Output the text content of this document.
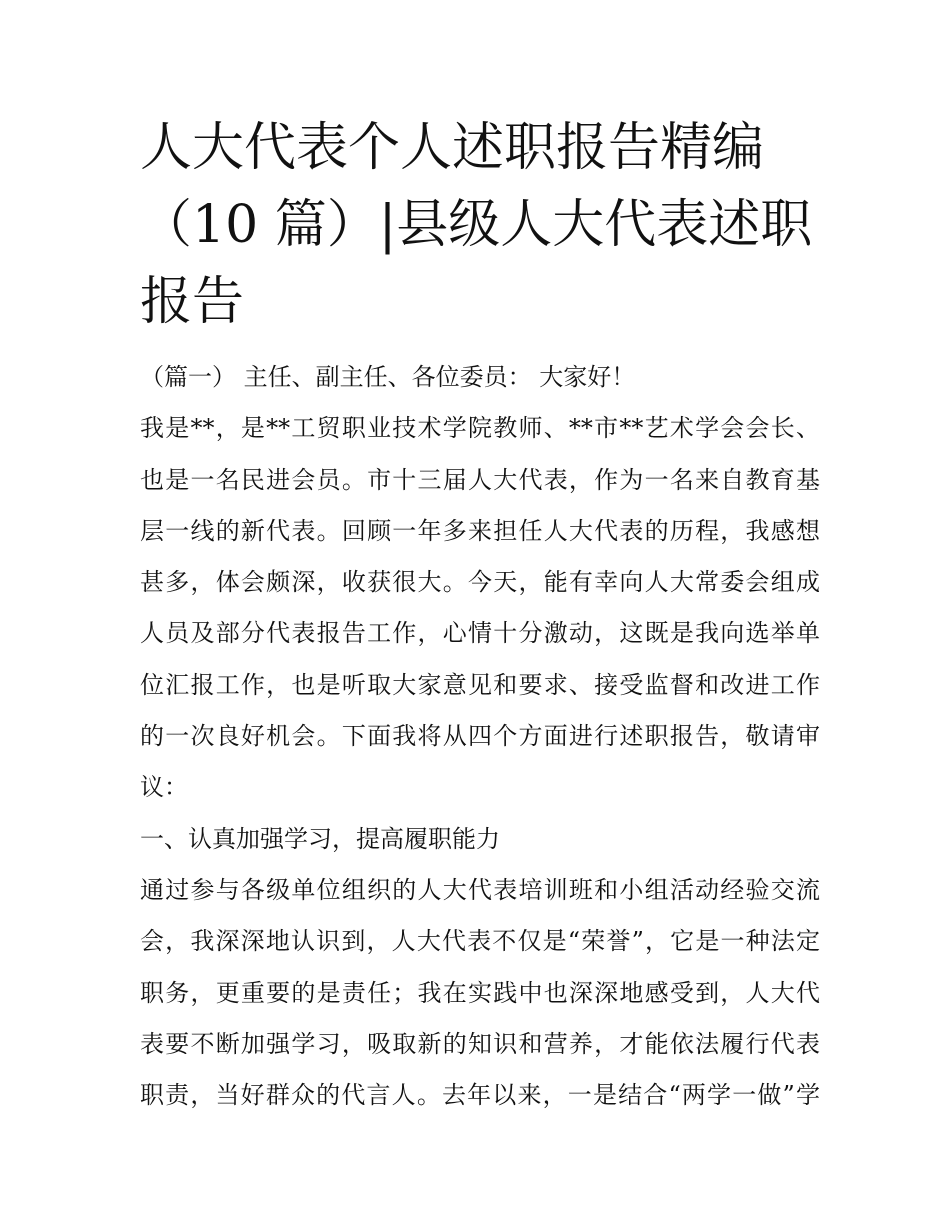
人大代表个人述职报告精编
（10 篇）|县级人大代表述职
报告
（篇一） 主任、副主任、各位委员： 大家好！
我是**，是**工贸职业技术学院教师、**市**艺术学会会长、
也是一名民进会员。市十三届人大代表，作为一名来自教育基
层一线的新代表。回顾一年多来担任人大代表的历程，我感想
甚多，体会颇深，收获很大。今天，能有幸向人大常委会组成
人员及部分代表报告工作，心情十分激动，这既是我向选举单
位汇报工作，也是听取大家意见和要求、接受监督和改进工作
的一次良好机会。下面我将从四个方面进行述职报告，敬请审
议：
一、认真加强学习，提高履职能力
通过参与各级单位组织的人大代表培训班和小组活动经验交流
会，我深深地认识到，人大代表不仅是“荣誉”，它是一种法定
职务，更重要的是责任；我在实践中也深深地感受到，人大代
表要不断加强学习，吸取新的知识和营养，才能依法履行代表
职责，当好群众的代言人。去年以来，一是结合“两学一做”学
